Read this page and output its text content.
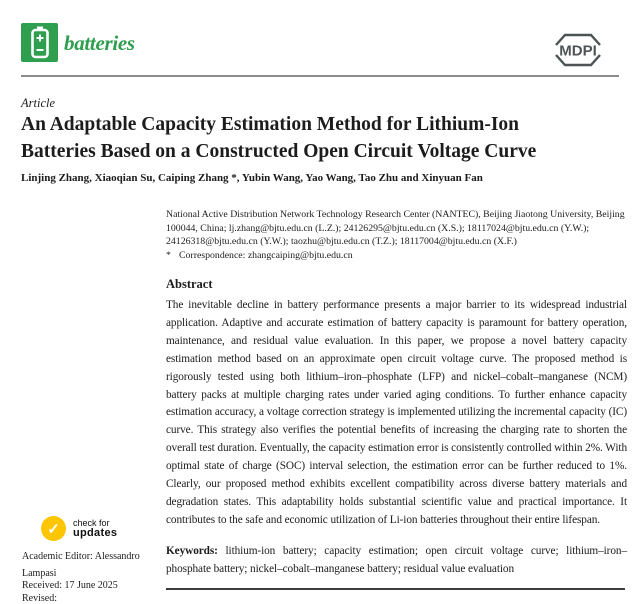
batteries	MDPI
Article
An Adaptable Capacity Estimation Method for Lithium-Ion
Batteries Based on a Constructed Open Circuit Voltage Curve
Linjing Zhang, Xiaoqian Su, Caiping Zhang *, Yubin Wang, Yao Wang, Tao Zhu and Xinyuan Fan
National Active Distribution Network Technology Research Center (NANTEC), Beijing Jiaotong University, Beijing 100044, China; lj.zhang@bjtu.edu.cn (L.Z.); 24126295@bjtu.edu.cn (X.S.); 18117024@bjtu.edu.cn (Y.W.); 24126318@bjtu.edu.cn (Y.W.); taozhu@bjtu.edu.cn (T.Z.); 18117004@bjtu.edu.cn (X.F.)
* Correspondence: zhangcaiping@bjtu.edu.cn
Abstract
The inevitable decline in battery performance presents a major barrier to its widespread industrial application. Adaptive and accurate estimation of battery capacity is paramount for battery operation, maintenance, and residual value evaluation. In this paper, we propose a novel battery capacity estimation method based on an approximate open circuit voltage curve. The proposed method is rigorously tested using both lithium–iron–phosphate (LFP) and nickel–cobalt–manganese (NCM) battery packs at multiple charging rates under varied aging conditions. To further enhance capacity estimation accuracy, a voltage correction strategy is implemented utilizing the incremental capacity (IC) curve. This strategy also verifies the potential benefits of increasing the charging rate to shorten the overall test duration. Eventually, the capacity estimation error is consistently controlled within 2%. With optimal state of charge (SOC) interval selection, the estimation error can be further reduced to 1%. Clearly, our proposed method exhibits excellent compatibility across diverse battery materials and degradation states. This adaptability holds substantial scientific value and practical importance. It contributes to the safe and economic utilization of Li-ion batteries throughout their entire lifespan.
Keywords: lithium-ion battery; capacity estimation; open circuit voltage curve; lithium–iron–phosphate battery; nickel–cobalt–manganese battery; residual value evaluation
✓	check for
updates
Academic Editor: Alessandro Lampasi
Received: 17 June 2025
Revised:
